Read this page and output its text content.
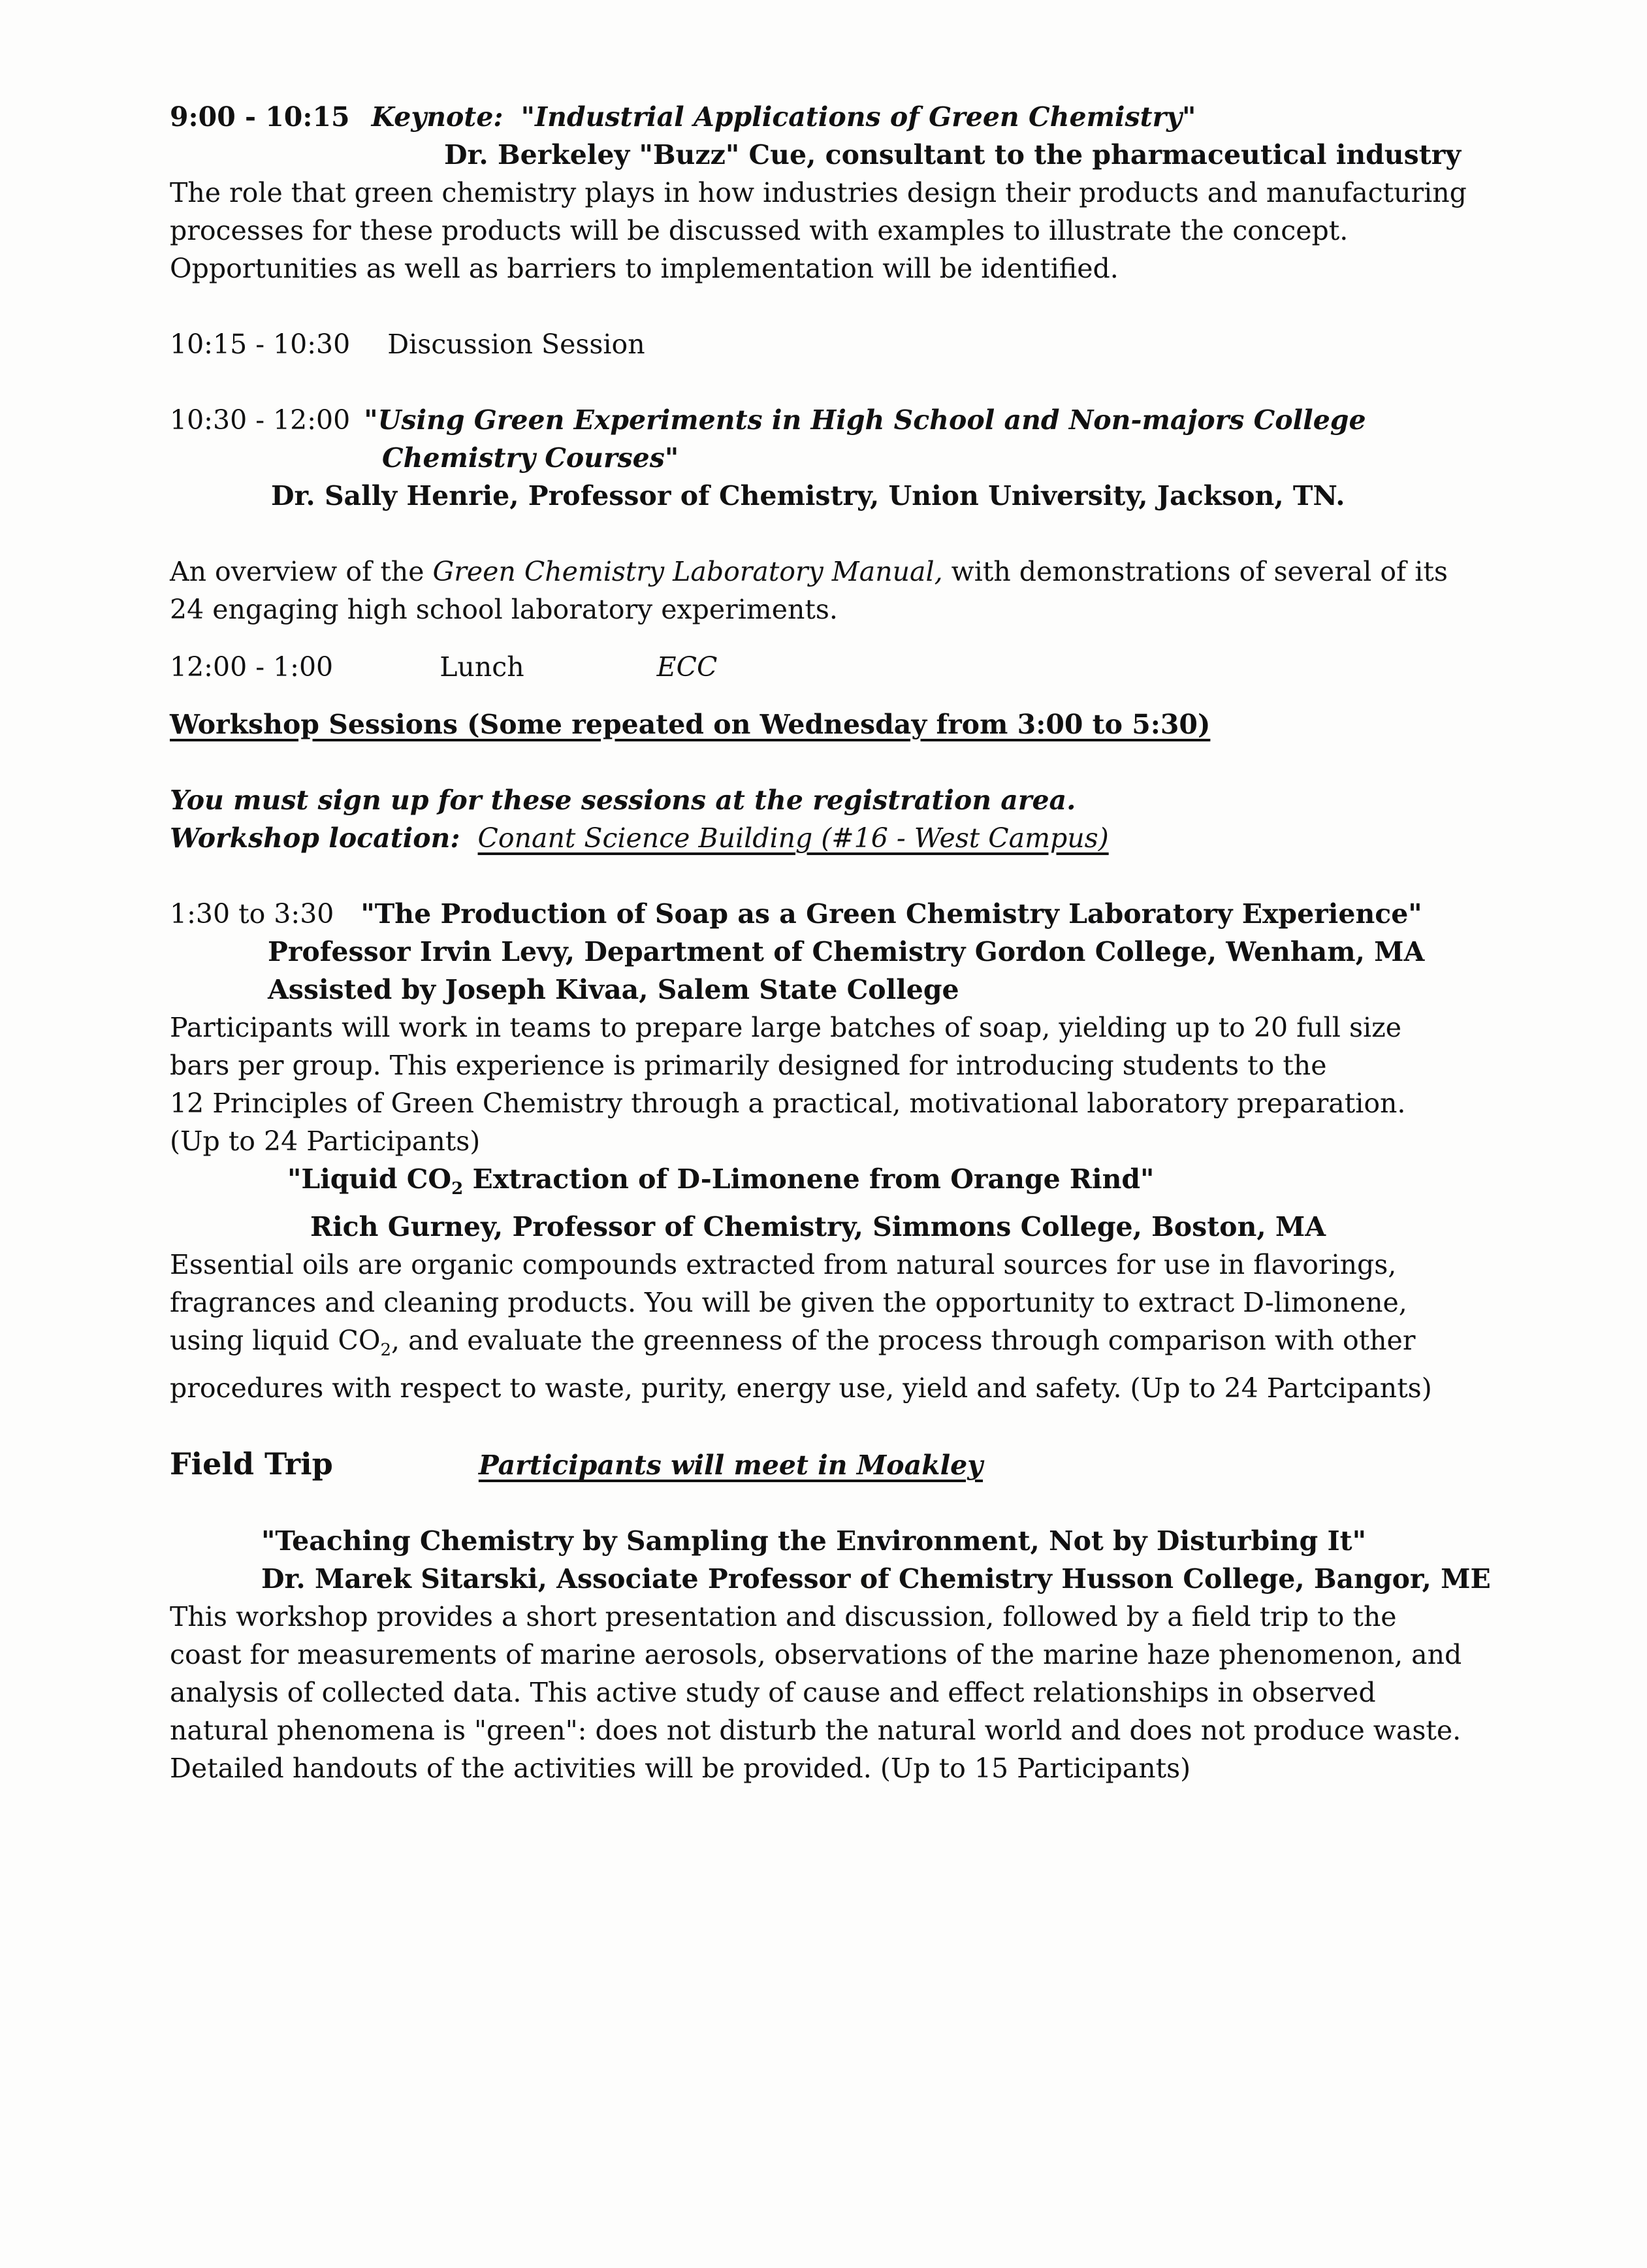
9:00 - 10:15 Keynote: "Industrial Applications of Green Chemistry"
Dr. Berkeley "Buzz" Cue, consultant to the pharmaceutical industry
The role that green chemistry plays in how industries design their products and manufacturing
processes for these products will be discussed with examples to illustrate the concept.
Opportunities as well as barriers to implementation will be identified.
10:15 - 10:30 Discussion Session
10:30 - 12:00 "Using Green Experiments in High School and Non-majors College
Chemistry Courses"
Dr. Sally Henrie, Professor of Chemistry, Union University, Jackson, TN.
An overview of the Green Chemistry Laboratory Manual, with demonstrations of several of its
24 engaging high school laboratory experiments.
12:00 - 1:00	Lunch	ECC
Workshop Sessions (Some repeated on Wednesday from 3:00 to 5:30)
You must sign up for these sessions at the registration area.
Workshop location: Conant Science Building (#16 - West Campus)
1:30 to 3:30 "The Production of Soap as a Green Chemistry Laboratory Experience"
Professor Irvin Levy, Department of Chemistry Gordon College, Wenham, MA
Assisted by Joseph Kivaa, Salem State College
Participants will work in teams to prepare large batches of soap, yielding up to 20 full size
bars per group. This experience is primarily designed for introducing students to the
12 Principles of Green Chemistry through a practical, motivational laboratory preparation.
(Up to 24 Participants)
"Liquid $CO_2$ Extraction of D-Limonene from Orange Rind"
Rich Gurney, Professor of Chemistry, Simmons College, Boston, MA
Essential oils are organic compounds extracted from natural sources for use in flavorings,
fragrances and cleaning products. You will be given the opportunity to extract D-limonene,
using liquid $CO_2$, and evaluate the greenness of the process through comparison with other
procedures with respect to waste, purity, energy use, yield and safety. (Up to 24 Partcipants)
Field Trip	Participants will meet in Moakley
"Teaching Chemistry by Sampling the Environment, Not by Disturbing It"
Dr. Marek Sitarski, Associate Professor of Chemistry Husson College, Bangor, ME
This workshop provides a short presentation and discussion, followed by a field trip to the
coast for measurements of marine aerosols, observations of the marine haze phenomenon, and
analysis of collected data. This active study of cause and effect relationships in observed
natural phenomena is "green": does not disturb the natural world and does not produce waste.
Detailed handouts of the activities will be provided. (Up to 15 Participants)
